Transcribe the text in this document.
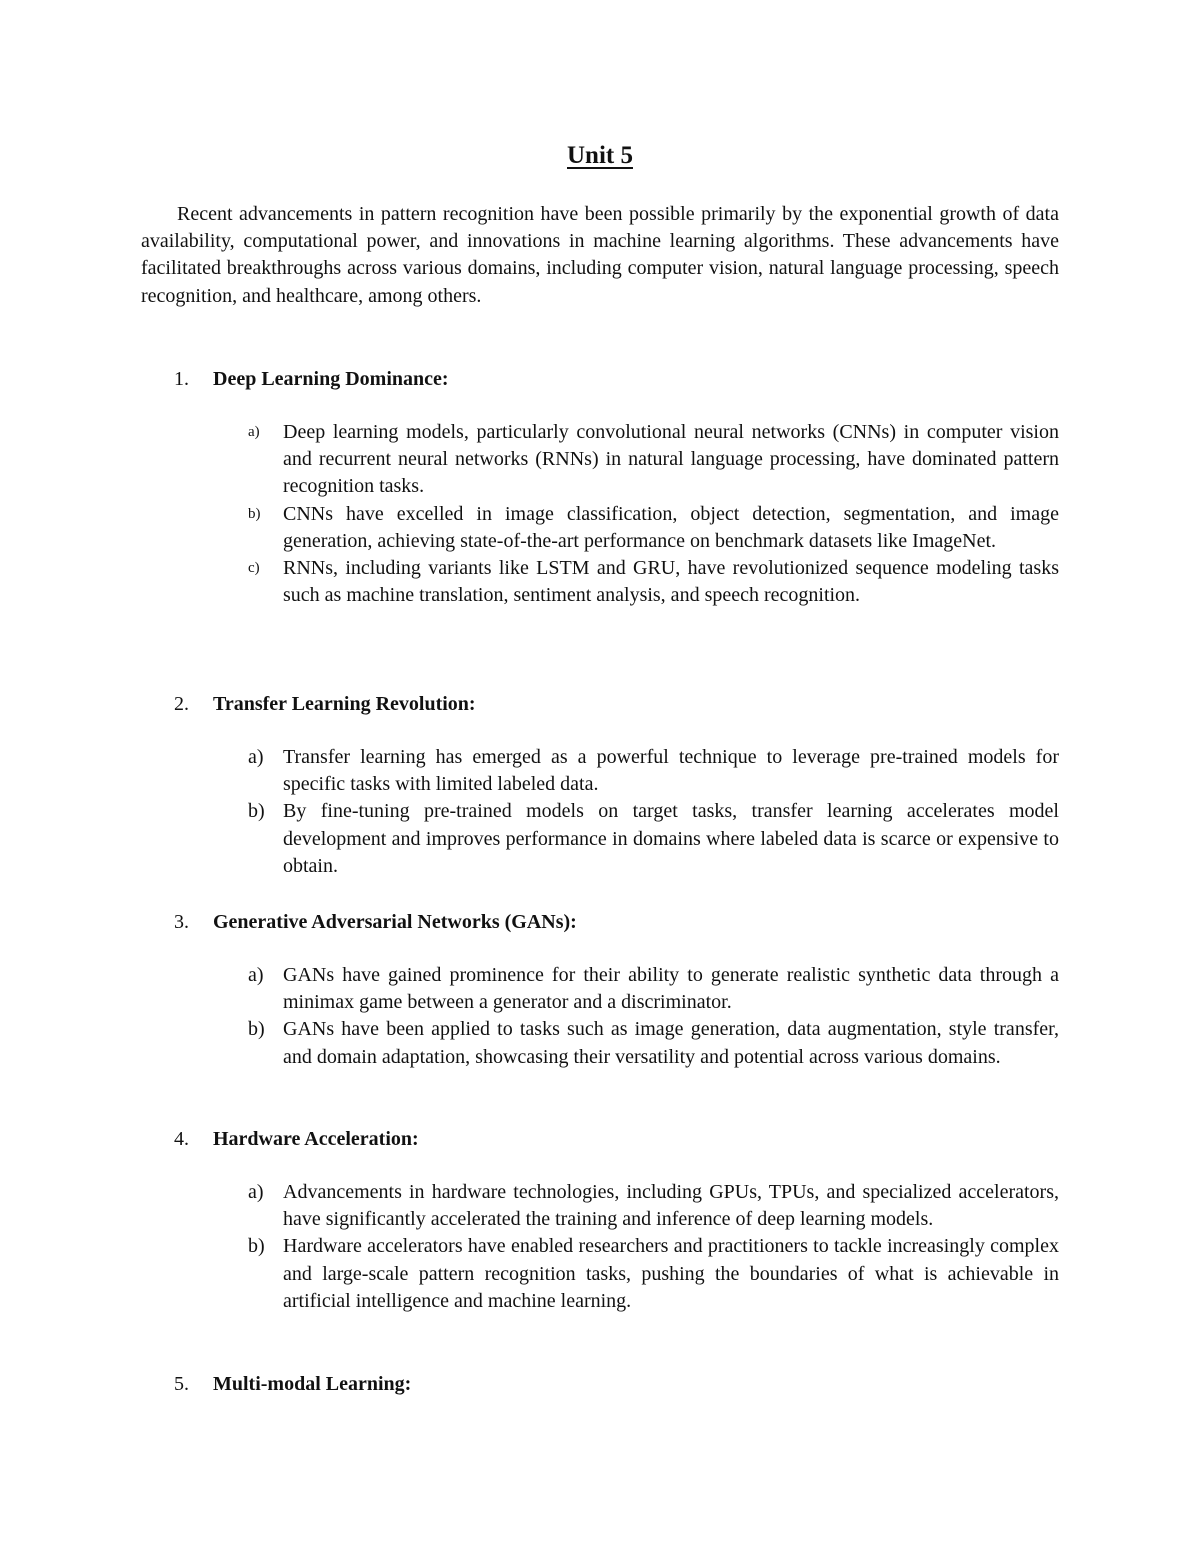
Unit 5

Recent advancements in pattern recognition have been possible primarily by the exponential growth of data availability, computational power, and innovations in machine learning algorithms. These advancements have facilitated breakthroughs across various domains, including computer vision, natural language processing, speech recognition, and healthcare, among others.

1. Deep Learning Dominance:
a) Deep learning models, particularly convolutional neural networks (CNNs) in computer vision and recurrent neural networks (RNNs) in natural language processing, have dominated pattern recognition tasks.
b) CNNs have excelled in image classification, object detection, segmentation, and image generation, achieving state-of-the-art performance on benchmark datasets like ImageNet.
c) RNNs, including variants like LSTM and GRU, have revolutionized sequence modeling tasks such as machine translation, sentiment analysis, and speech recognition.
2. Transfer Learning Revolution:
a) Transfer learning has emerged as a powerful technique to leverage pre-trained models for specific tasks with limited labeled data.
b) By fine-tuning pre-trained models on target tasks, transfer learning accelerates model development and improves performance in domains where labeled data is scarce or expensive to obtain.
3. Generative Adversarial Networks (GANs):
a) GANs have gained prominence for their ability to generate realistic synthetic data through a minimax game between a generator and a discriminator.
b) GANs have been applied to tasks such as image generation, data augmentation, style transfer, and domain adaptation, showcasing their versatility and potential across various domains.
4. Hardware Acceleration:
a) Advancements in hardware technologies, including GPUs, TPUs, and specialized accelerators, have significantly accelerated the training and inference of deep learning models.
b) Hardware accelerators have enabled researchers and practitioners to tackle increasingly complex and large-scale pattern recognition tasks, pushing the boundaries of what is achievable in artificial intelligence and machine learning.
5. Multi-modal Learning:
